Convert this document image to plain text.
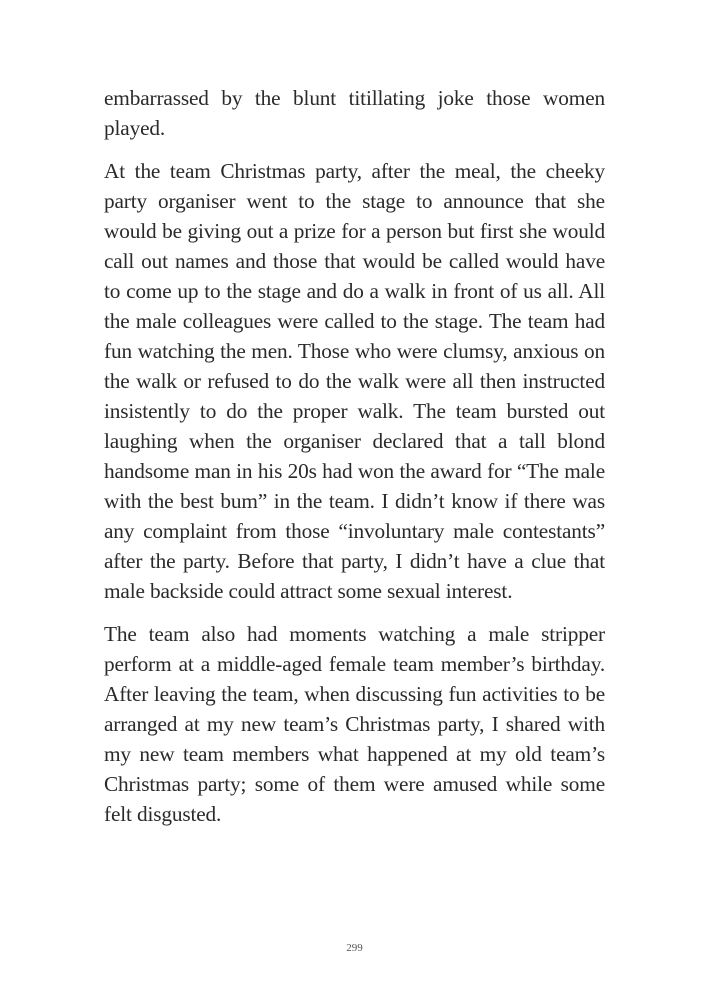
embarrassed by the blunt titillating joke those women played.

At the team Christmas party, after the meal, the cheeky party organiser went to the stage to announce that she would be giving out a prize for a person but first she would call out names and those that would be called would have to come up to the stage and do a walk in front of us all. All the male colleagues were called to the stage. The team had fun watching the men. Those who were clumsy, anxious on the walk or refused to do the walk were all then instructed insistently to do the proper walk. The team bursted out laughing when the organiser declared that a tall blond handsome man in his 20s had won the award for “The male with the best bum” in the team. I didn’t know if there was any complaint from those “involuntary male contestants” after the party. Before that party, I didn’t have a clue that male backside could attract some sexual interest.

The team also had moments watching a male stripper perform at a middle-aged female team member’s birthday. After leaving the team, when discussing fun activities to be arranged at my new team’s Christmas party, I shared with my new team members what happened at my old team’s Christmas party; some of them were amused while some felt disgusted.

299
